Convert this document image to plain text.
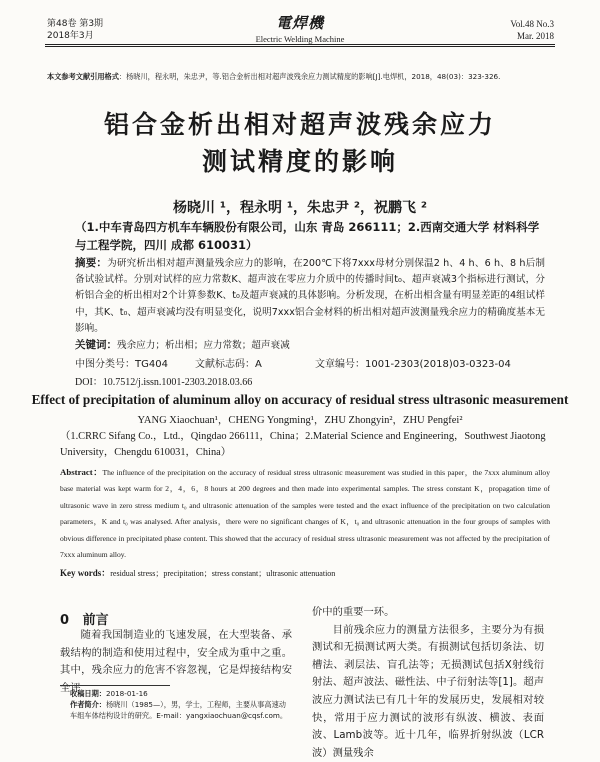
第48卷 第3期
2018年3月
電焊機
Electric Welding Machine
Vol.48 No.3
Mar. 2018
本文参考文献引用格式：杨晓川，程永明，朱忠尹，等.铝合金析出相对超声波残余应力测试精度的影响[J].电焊机，2018，48(03)：323-326.
铝合金析出相对超声波残余应力
测试精度的影响
杨晓川 ¹，程永明 ¹，朱忠尹 ²，祝鹏飞 ²
（1.中车青岛四方机车车辆股份有限公司，山东 青岛 266111；2.西南交通大学 材料科学与工程学院，四川 成都 610031）
摘要：为研究析出相对超声测量残余应力的影响，在200℃下将7xxx母材分别保温2 h、4 h、6 h、8 h后制备试验试样。分别对试样的应力常数K、超声波在零应力介质中的传播时间t₀、超声衰减3个指标进行测试，分析铝合金的析出相对2个计算参数K、t₀及超声衰减的具体影响。分析发现，在析出相含量有明显差距的4组试样中，其K、t₀、超声衰减均没有明显变化，说明7xxx铝合金材料的析出相对超声波测量残余应力的精确度基本无影响。
关键词：残余应力；析出相；应力常数；超声衰减
中图分类号：TG404	文献标志码：A	文章编号：1001-2303(2018)03-0323-04
DOI：10.7512/j.issn.1001-2303.2018.03.66
Effect of precipitation of aluminum alloy on accuracy of residual stress ultrasonic measurement
YANG Xiaochuan¹，CHENG Yongming¹，ZHU Zhongyin²，ZHU Pengfei²
（1.CRRC Sifang Co.，Ltd.，Qingdao 266111，China；2.Material Science and Engineering，Southwest Jiaotong University，Chengdu 610031，China）
Abstract：The influence of the precipitation on the accuracy of residual stress ultrasonic measurement was studied in this paper，the 7xxx aluminum alloy base material was kept warm for 2，4，6，8 hours at 200 degrees and then made into experimental samples. The stress constant K，propagation time of ultrasonic wave in zero stress medium t₀ and ultrasonic attenuation of the samples were tested and the exact influence of the precipitation on two calculation parameters，K and t₀ was analysed. After analysis，there were no significant changes of K，t₀ and ultrasonic attenuation in the four groups of samples with obvious difference in precipitated phase content. This showed that the accuracy of residual stress ultrasonic measurement was not affected by the precipitation of 7xxx aluminum alloy.
Key words：residual stress；precipitation；stress constant；ultrasonic attenuation
0 前言
随着我国制造业的飞速发展，在大型装备、承载结构的制造和使用过程中，安全成为重中之重。其中，残余应力的危害不容忽视，它是焊接结构安全评
收稿日期：2018-01-16
作者简介：杨晓川（1985—），男，学士，工程师，主要从事高速动车组车体结构设计的研究。E-mail：yangxiaochuan@cqsf.com。

价中的重要一环。

目前残余应力的测量方法很多，主要分为有损测试和无损测试两大类。有损测试包括切条法、切槽法、剥层法、盲孔法等；无损测试包括X射线衍射法、超声波法、磁性法、中子衍射法等[1]。超声波应力测试法已有几十年的发展历史，发展相对较快，常用于应力测试的波形有纵波、横波、表面波、Lamb波等。近十几年，临界折射纵波（LCR波）测量残余
